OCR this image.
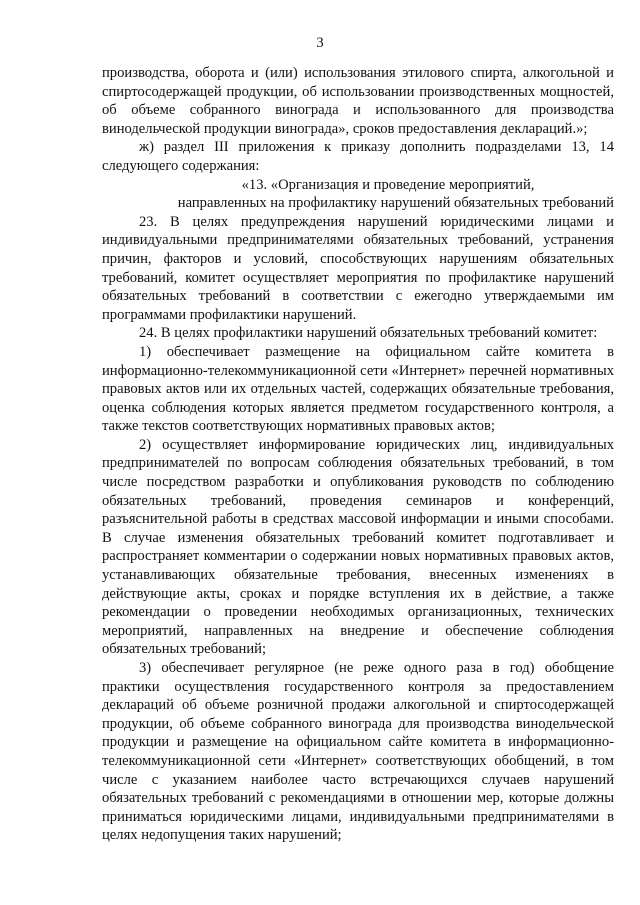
3

производства, оборота и (или) использования этилового спирта, алкогольной и спиртосодержащей продукции, об использовании производственных мощностей, об объеме собранного винограда и использованного для производства винодельческой продукции винограда», сроков предоставления деклараций.»;

ж) раздел III приложения к приказу дополнить подразделами 13, 14 следующего содержания:

«13. «Организация и проведение мероприятий,

направленных на профилактику нарушений обязательных требований

23. В целях предупреждения нарушений юридическими лицами и индивидуальными предпринимателями обязательных требований, устранения причин, факторов и условий, способствующих нарушениям обязательных требований, комитет осуществляет мероприятия по профилактике нарушений обязательных требований в соответствии с ежегодно утверждаемыми им программами профилактики нарушений.

24. В целях профилактики нарушений обязательных требований комитет:

1) обеспечивает размещение на официальном сайте комитета в информационно-телекоммуникационной сети «Интернет» перечней нормативных правовых актов или их отдельных частей, содержащих обязательные требования, оценка соблюдения которых является предметом государственного контроля, а также текстов соответствующих нормативных правовых актов;

2) осуществляет информирование юридических лиц, индивидуальных предпринимателей по вопросам соблюдения обязательных требований, в том числе посредством разработки и опубликования руководств по соблюдению обязательных требований, проведения семинаров и конференций, разъяснительной работы в средствах массовой информации и иными способами. В случае изменения обязательных требований комитет подготавливает и распространяет комментарии о содержании новых нормативных правовых актов, устанавливающих обязательные требования, внесенных изменениях в действующие акты, сроках и порядке вступления их в действие, а также рекомендации о проведении необходимых организационных, технических мероприятий, направленных на внедрение и обеспечение соблюдения обязательных требований;

3) обеспечивает регулярное (не реже одного раза в год) обобщение практики осуществления государственного контроля за предоставлением деклараций об объеме розничной продажи алкогольной и спиртосодержащей продукции, об объеме собранного винограда для производства винодельческой продукции и размещение на официальном сайте комитета в информационно-телекоммуникационной сети «Интернет» соответствующих обобщений, в том числе с указанием наиболее часто встречающихся случаев нарушений обязательных требований с рекомендациями в отношении мер, которые должны приниматься юридическими лицами, индивидуальными предпринимателями в целях недопущения таких нарушений;
